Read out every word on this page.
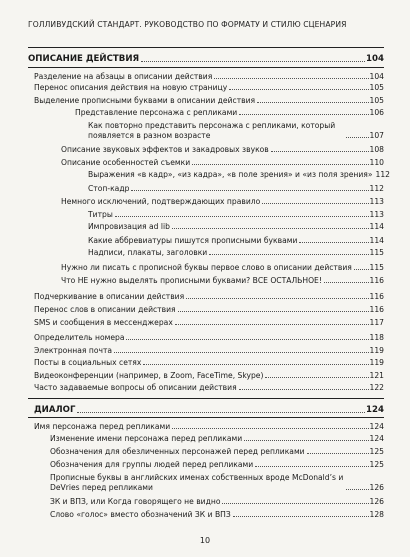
ГОЛЛИВУДСКИЙ СТАНДАРТ. РУКОВОДСТВО ПО ФОРМАТУ И СТИЛЮ СЦЕНАРИЯ
ОПИСАНИЕ ДЕЙСТВИЯ	104
Разделение на абзацы в описании действия	104
Перенос описания действия на новую страницу	105
Выделение прописными буквами в описании действия	105
Представление персонажа с репликами	106
Как повторно представить персонажа с репликами, который появляется в разном возрасте	107
Описание звуковых эффектов и закадровых звуков	108
Описание особенностей съемки	110
Выражения «в кадр», «из кадра», «в поле зрения» и «из поля зрения» 112
Стоп-кадр	112
Немного исключений, подтверждающих правило	113
Титры	113
Импровизация ad lib	114
Какие аббревиатуры пишутся прописными буквами	114
Надписи, плакаты, заголовки	115
Нужно ли писать с прописной буквы первое слово в описании действия 115
Что НЕ нужно выделять прописными буквами? ВСЕ ОСТАЛЬНОЕ!	116
Подчеркивание в описании действия	116
Перенос слов в описании действия	116
SMS и сообщения в мессенджерах	117
Определитель номера	118
Электронная почта	119
Посты в социальных сетях	119
Видеоконференции (например, в Zoom, FaceTime, Skype)	121
Часто задаваемые вопросы об описании действия	122
ДИАЛОГ	124
Имя персонажа перед репликами	124
Изменение имени персонажа перед репликами	124
Обозначения для обезличенных персонажей перед репликами	125
Обозначения для группы людей перед репликами	125
Прописные буквы в английских именах собственных вроде McDonald’s и DeVries перед репликами	126
ЗК и ВПЗ, или Когда говорящего не видно	126
Слово «голос» вместо обозначений ЗК и ВПЗ	128
10
